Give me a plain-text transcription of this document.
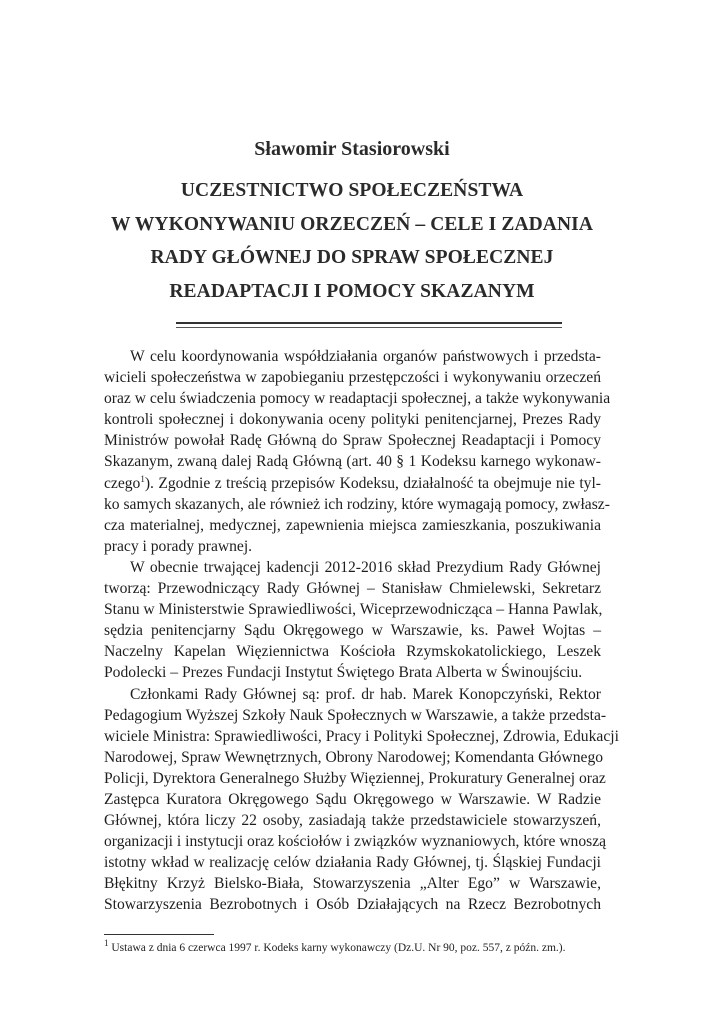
Sławomir Stasiorowski
UCZESTNICTWO SPOŁECZEŃSTWA
W WYKONYWANIU ORZECZEŃ – CELE I ZADANIA
RADY GŁÓWNEJ DO SPRAW SPOŁECZNEJ
READAPTACJI I POMOCY SKAZANYM
W celu koordynowania współdziałania organów państwowych i przedsta-
wicieli społeczeństwa w zapobieganiu przestępczości i wykonywaniu orzeczeń
oraz w celu świadczenia pomocy w readaptacji społecznej, a także wykonywania
kontroli społecznej i dokonywania oceny polityki penitencjarnej, Prezes Rady
Ministrów powołał Radę Główną do Spraw Społecznej Readaptacji i Pomocy
Skazanym, zwaną dalej Radą Główną (art. 40 § 1 Kodeksu karnego wykonaw-
czego$^1$). Zgodnie z treścią przepisów Kodeksu, działalność ta obejmuje nie tyl-
ko samych skazanych, ale również ich rodziny, które wymagają pomocy, zwłasz-
cza materialnej, medycznej, zapewnienia miejsca zamieszkania, poszukiwania
pracy i porady prawnej.
W obecnie trwającej kadencji 2012-2016 skład Prezydium Rady Głównej
tworzą: Przewodniczący Rady Głównej – Stanisław Chmielewski, Sekretarz
Stanu w Ministerstwie Sprawiedliwości, Wiceprzewodnicząca – Hanna Pawlak,
sędzia penitencjarny Sądu Okręgowego w Warszawie, ks. Paweł Wojtas –
Naczelny Kapelan Więziennictwa Kościoła Rzymskokatolickiego, Leszek
Podolecki – Prezes Fundacji Instytut Świętego Brata Alberta w Świnoujściu.
Członkami Rady Głównej są: prof. dr hab. Marek Konopczyński, Rektor
Pedagogium Wyższej Szkoły Nauk Społecznych w Warszawie, a także przedsta-
wiciele Ministra: Sprawiedliwości, Pracy i Polityki Społecznej, Zdrowia, Edukacji
Narodowej, Spraw Wewnętrznych, Obrony Narodowej; Komendanta Głównego
Policji, Dyrektora Generalnego Służby Więziennej, Prokuratury Generalnej oraz
Zastępca Kuratora Okręgowego Sądu Okręgowego w Warszawie. W Radzie
Głównej, która liczy 22 osoby, zasiadają także przedstawiciele stowarzyszeń,
organizacji i instytucji oraz kościołów i związków wyznaniowych, które wnoszą
istotny wkład w realizację celów działania Rady Głównej, tj. Śląskiej Fundacji
Błękitny Krzyż Bielsko-Biała, Stowarzyszenia „Alter Ego” w Warszawie,
Stowarzyszenia Bezrobotnych i Osób Działających na Rzecz Bezrobotnych
$^1$ Ustawa z dnia 6 czerwca 1997 r. Kodeks karny wykonawczy (Dz.U. Nr 90, poz. 557, z późn. zm.).
